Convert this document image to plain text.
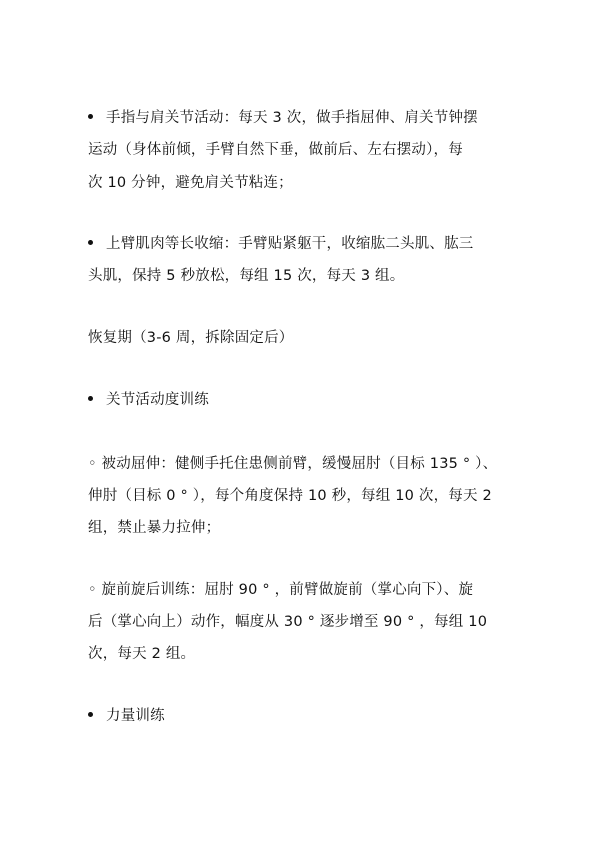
手指与肩关节活动：每天 3 次，做手指屈伸、肩关节钟摆
运动（身体前倾，手臂自然下垂，做前后、左右摆动），每
次 10 分钟，避免肩关节粘连；
上臂肌肉等长收缩：手臂贴紧躯干，收缩肱二头肌、肱三
头肌，保持 5 秒放松，每组 15 次，每天 3 组。
恢复期（3-6 周，拆除固定后）
关节活动度训练
◦ 被动屈伸：健侧手托住患侧前臂，缓慢屈肘（目标 135 ° ）、
伸肘（目标 0 ° ），每个角度保持 10 秒，每组 10 次，每天 2
组，禁止暴力拉伸；
◦ 旋前旋后训练：屈肘 90 ° ，前臂做旋前（掌心向下）、旋
后（掌心向上）动作，幅度从 30 ° 逐步增至 90 ° ，每组 10
次，每天 2 组。
力量训练
